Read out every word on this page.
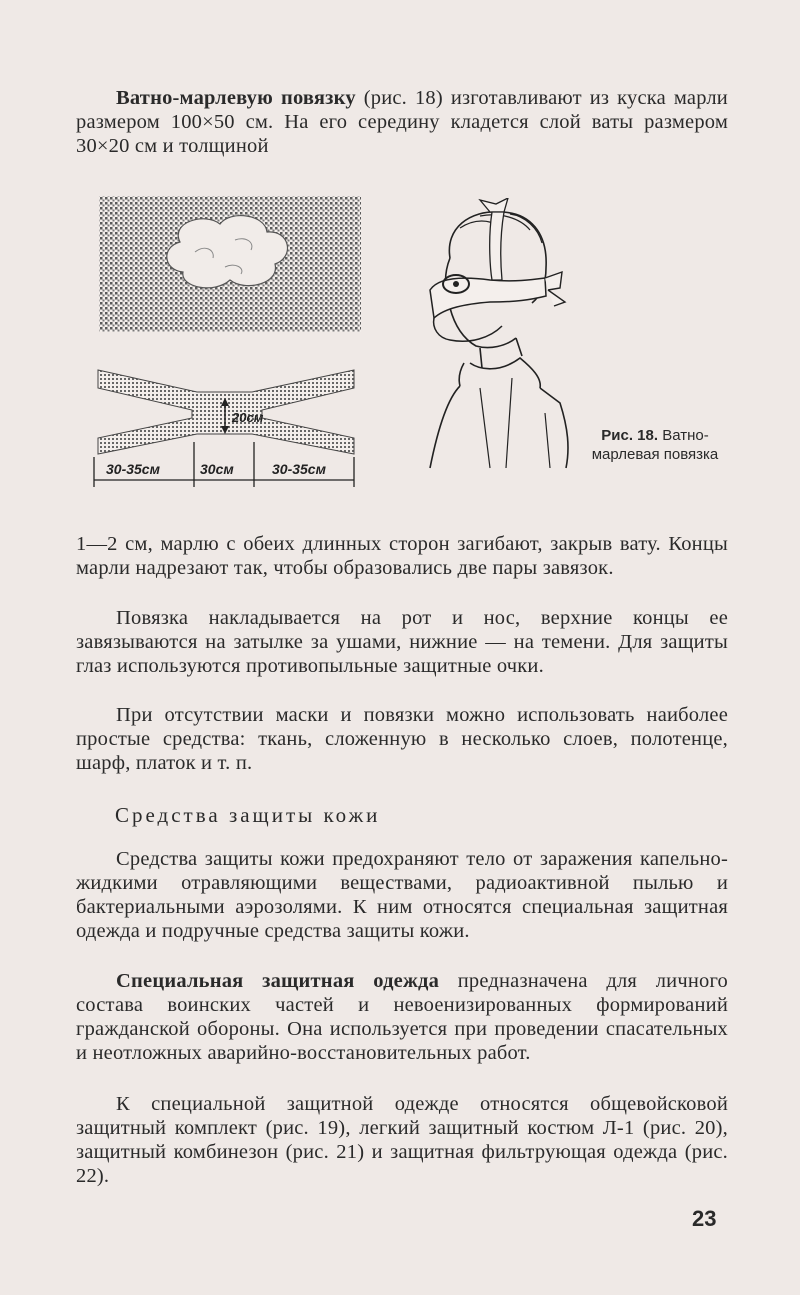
Ватно-марлевую повязку (рис. 18) изготавливают из куска марли размером 100×50 см. На его середину кладется слой ваты размером 30×20 см и толщиной
20см
30-35см	30см	30-35см
Рис. 18. Ватно-марлевая повязка
1—2 см, марлю с обеих длинных сторон загибают, закрыв вату. Концы марли надрезают так, чтобы образовались две пары завязок.
Повязка накладывается на рот и нос, верхние концы ее завязываются на затылке за ушами, нижние — на темени. Для защиты глаз используются противопыльные защитные очки.
При отсутствии маски и повязки можно использовать наиболее простые средства: ткань, сложенную в несколько слоев, полотенце, шарф, платок и т. п.
Средства защиты кожи
Средства защиты кожи предохраняют тело от заражения капельно-жидкими отравляющими веществами, радиоактивной пылью и бактериальными аэрозолями. К ним относятся специальная защитная одежда и подручные средства защиты кожи.
Специальная защитная одежда предназначена для личного состава воинских частей и невоенизированных формирований гражданской обороны. Она используется при проведении спасательных и неотложных аварийно-восстановительных работ.
К специальной защитной одежде относятся общевойсковой защитный комплект (рис. 19), легкий защитный костюм Л-1 (рис. 20), защитный комбинезон (рис. 21) и защитная фильтрующая одежда (рис. 22).
23
